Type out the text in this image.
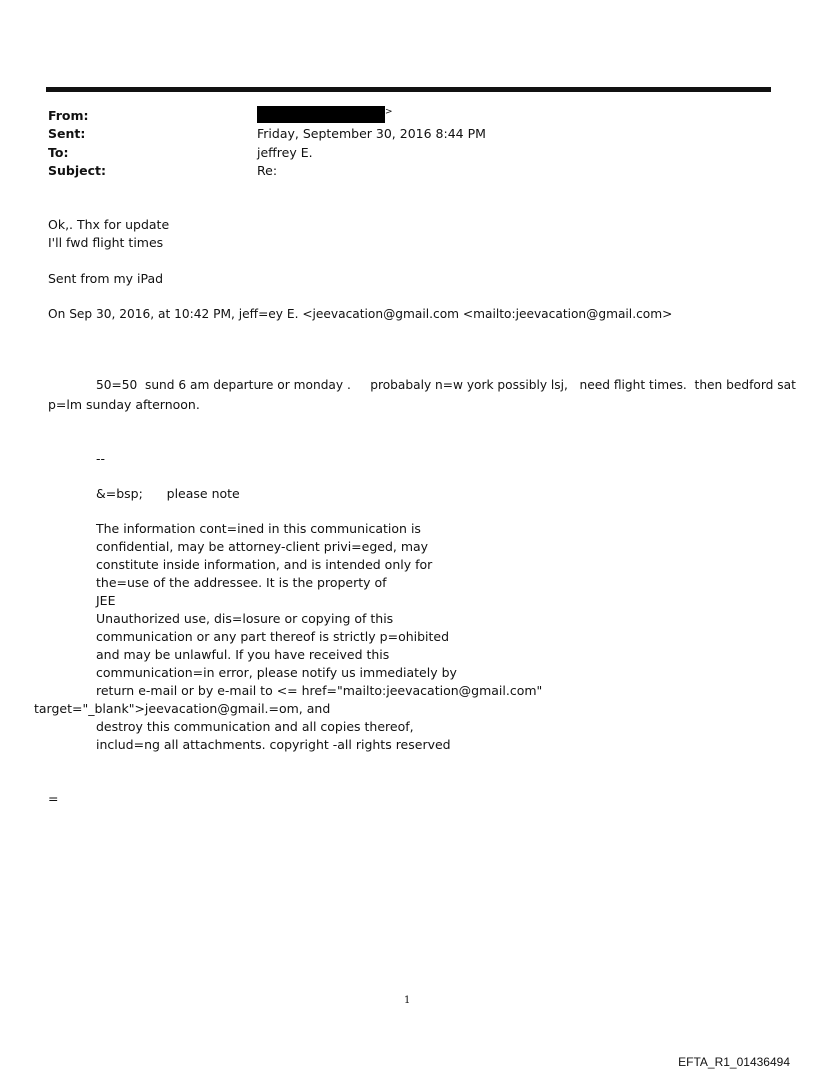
From:	>
Sent:	Friday, September 30, 2016 8:44 PM
To:	jeffrey E.
Subject:	Re:
Ok,. Thx for update
I'll fwd flight times
Sent from my iPad
On Sep 30, 2016, at 10:42 PM, jeff=ey E. <jeevacation@gmail.com <mailto:jeevacation@gmail.com>
50=50  sund 6 am departure or monday .     probabaly n=w york possibly lsj,   need flight times.  then bedford sat
p=lm sunday afternoon.
--
&=bsp;      please note
The information cont=ined in this communication is
confidential, may be attorney-client privi=eged, may
constitute inside information, and is intended only for
the=use of the addressee. It is the property of
JEE
Unauthorized use, dis=losure or copying of this
communication or any part thereof is strictly p=ohibited
and may be unlawful. If you have received this
communication=in error, please notify us immediately by
return e-mail or by e-mail to <= href="mailto:jeevacation@gmail.com"
target="_blank">jeevacation@gmail.=om, and
destroy this communication and all copies thereof,
includ=ng all attachments. copyright -all rights reserved
=
1
EFTA_R1_01436494
